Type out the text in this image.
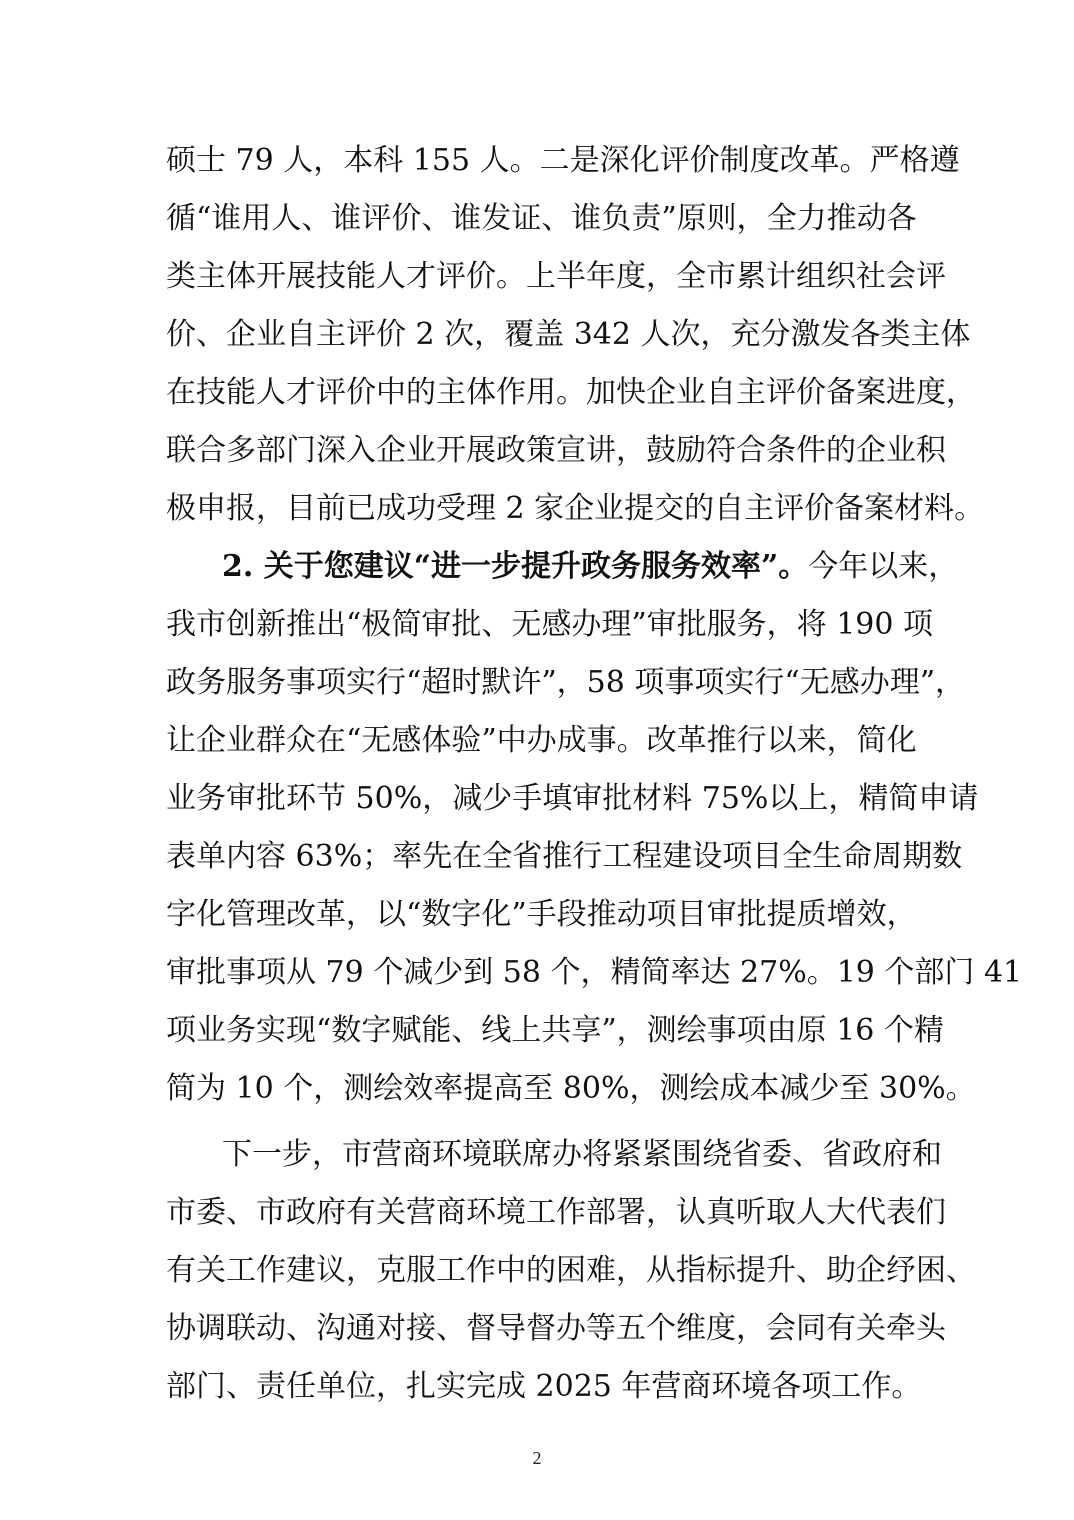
硕士 79 人，本科 155 人。二是深化评价制度改革。严格遵
循“谁用人、谁评价、谁发证、谁负责”原则，全力推动各
类主体开展技能人才评价。上半年度，全市累计组织社会评
价、企业自主评价 2 次，覆盖 342 人次，充分激发各类主体
在技能人才评价中的主体作用。加快企业自主评价备案进度，
联合多部门深入企业开展政策宣讲，鼓励符合条件的企业积
极申报，目前已成功受理 2 家企业提交的自主评价备案材料。
2. 关于您建议“进一步提升政务服务效率”。今年以来，
我市创新推出“极简审批、无感办理”审批服务，将 190 项
政务服务事项实行“超时默许”，58 项事项实行“无感办理”，
让企业群众在“无感体验”中办成事。改革推行以来，简化
业务审批环节 50%，减少手填审批材料 75%以上，精简申请
表单内容 63%；率先在全省推行工程建设项目全生命周期数
字化管理改革，以“数字化”手段推动项目审批提质增效，
审批事项从 79 个减少到 58 个，精简率达 27%。19 个部门 41
项业务实现“数字赋能、线上共享”，测绘事项由原 16 个精
简为 10 个，测绘效率提高至 80%，测绘成本减少至 30%。
下一步，市营商环境联席办将紧紧围绕省委、省政府和
市委、市政府有关营商环境工作部署，认真听取人大代表们
有关工作建议，克服工作中的困难，从指标提升、助企纾困、
协调联动、沟通对接、督导督办等五个维度，会同有关牵头
部门、责任单位，扎实完成 2025 年营商环境各项工作。
2
